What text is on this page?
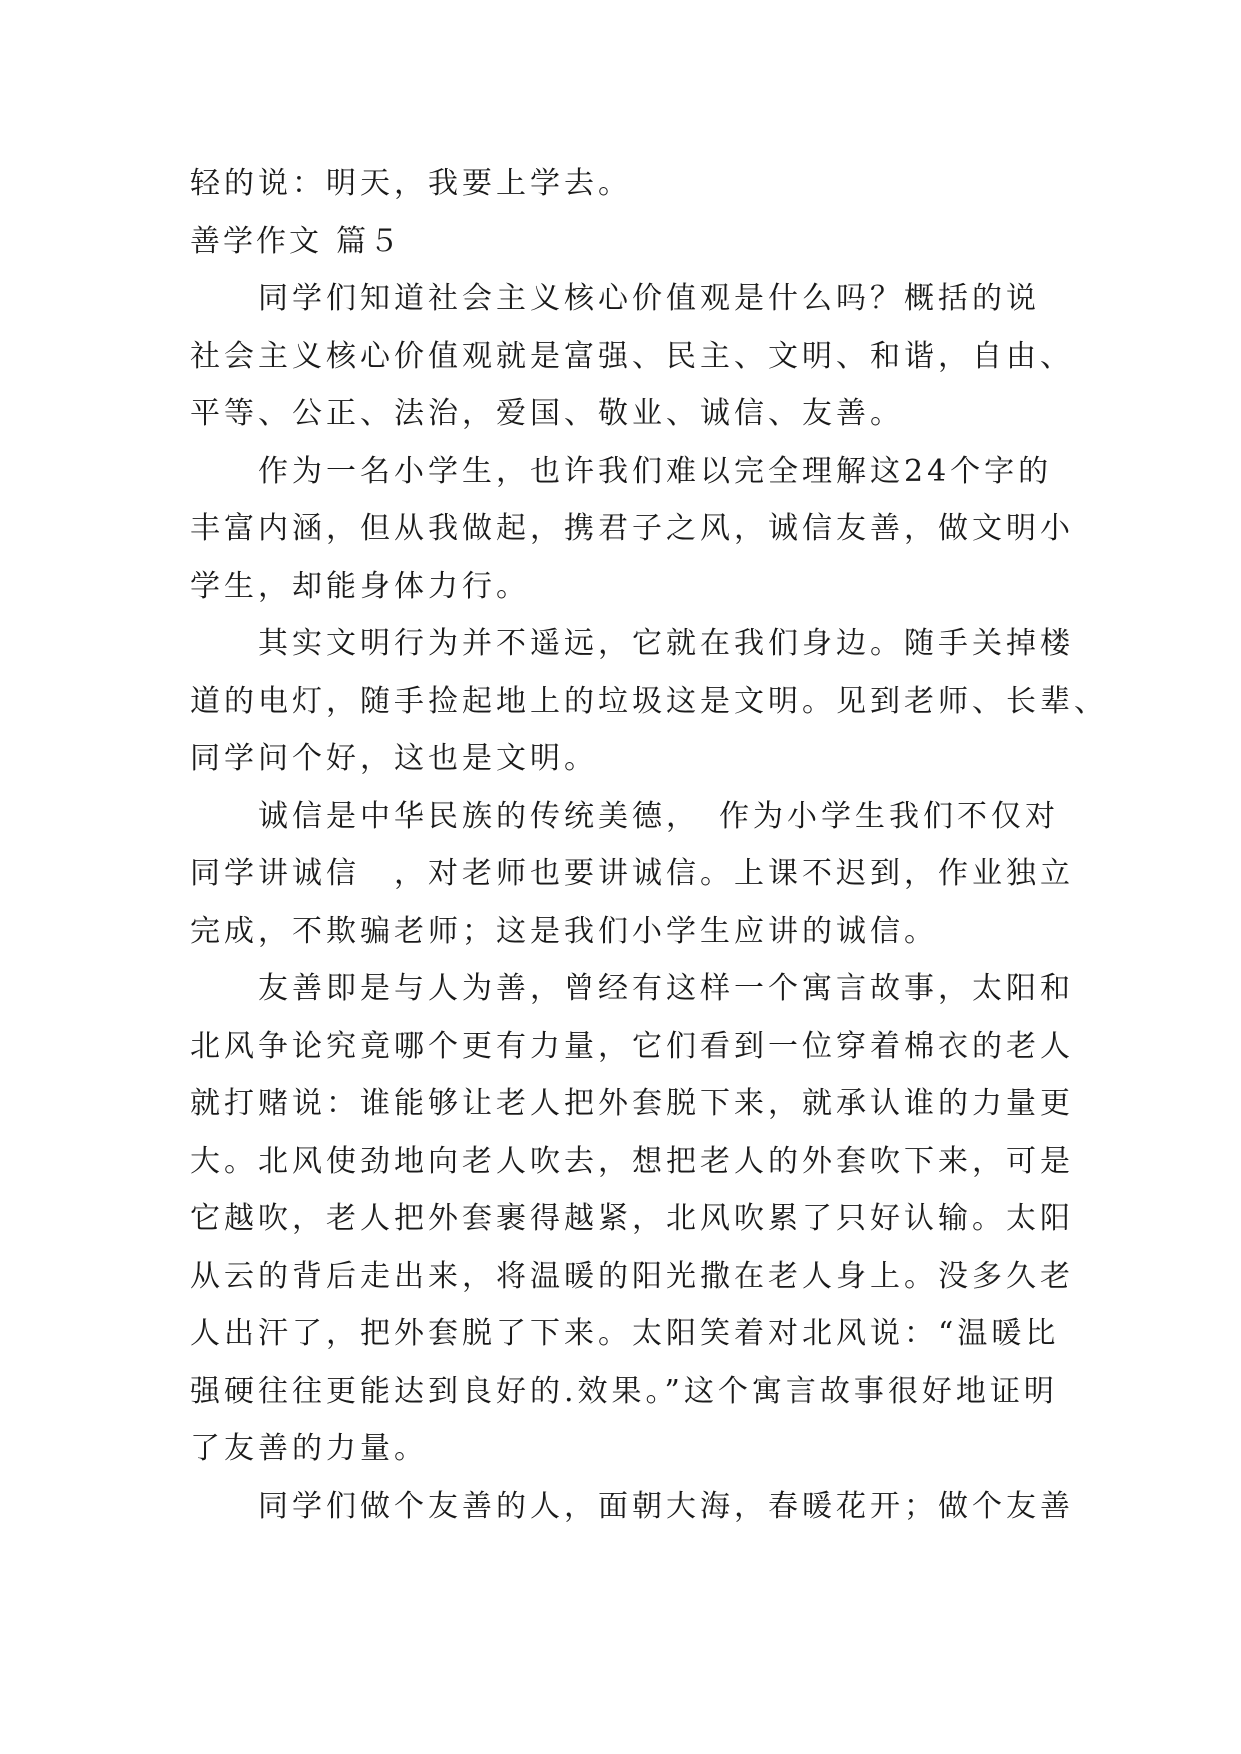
轻的说：明天，我要上学去。

善学作文 篇５

　　同学们知道社会主义核心价值观是什么吗？概括的说

社会主义核心价值观就是富强、民主、文明、和谐，自由、

平等、公正、法治，爱国、敬业、诚信、友善。

　　作为一名小学生，也许我们难以完全理解这24个字的

丰富内涵，但从我做起，携君子之风，诚信友善，做文明小

学生，却能身体力行。

　　其实文明行为并不遥远，它就在我们身边。随手关掉楼

道的电灯，随手捡起地上的垃圾这是文明。见到老师、长辈、

同学问个好，这也是文明。

　　诚信是中华民族的传统美德，　作为小学生我们不仅对

同学讲诚信　，对老师也要讲诚信。上课不迟到，作业独立

完成，不欺骗老师；这是我们小学生应讲的诚信。

　　友善即是与人为善，曾经有这样一个寓言故事，太阳和

北风争论究竟哪个更有力量，它们看到一位穿着棉衣的老人

就打赌说：谁能够让老人把外套脱下来，就承认谁的力量更

大。北风使劲地向老人吹去，想把老人的外套吹下来，可是

它越吹，老人把外套裹得越紧，北风吹累了只好认输。太阳

从云的背后走出来，将温暖的阳光撒在老人身上。没多久老

人出汗了，把外套脱了下来。太阳笑着对北风说：“温暖比

强硬往往更能达到良好的.效果。”这个寓言故事很好地证明

了友善的力量。

　　同学们做个友善的人，面朝大海，春暖花开；做个友善
